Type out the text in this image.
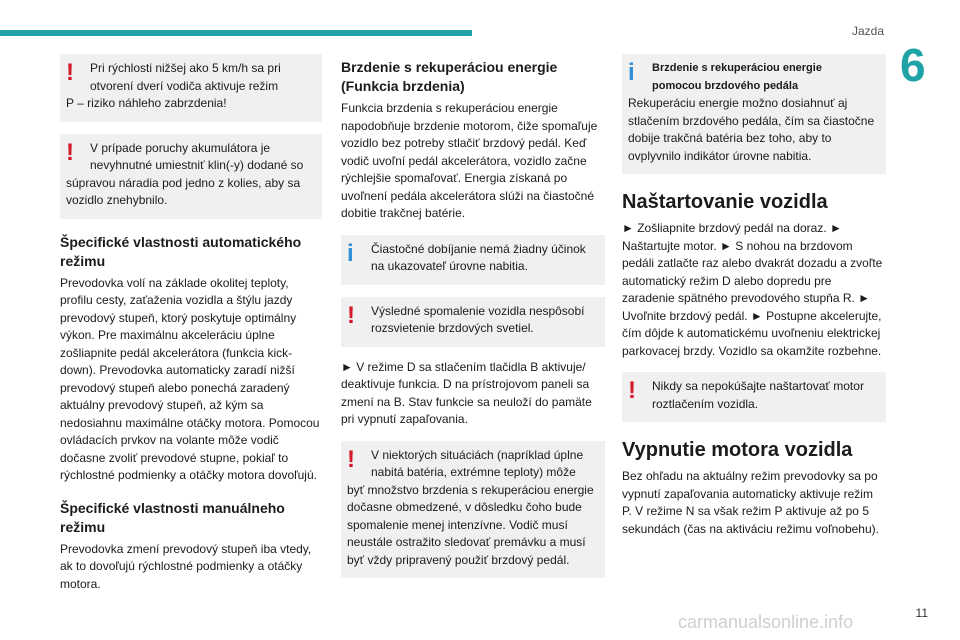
Jazda
6
!	Pri rýchlosti nižšej ako 5 km/h sa pri
otvorení dverí vodiča aktivuje režim
P – riziko náhleho zabrzdenia!
!	V prípade poruchy akumulátora je
nevyhnutné umiestniť klin(-y) dodané so
súpravou náradia pod jedno z kolies, aby sa
vozidlo znehybnilo.
Špecifické vlastnosti automatického režimu

Prevodovka volí na základe okolitej teploty, profilu cesty, zaťaženia vozidla a štýlu jazdy prevodový stupeň, ktorý poskytuje optimálny výkon. Pre maximálnu akceleráciu úplne zošliapnite pedál akcelerátora (funkcia kick-down). Prevodovka automaticky zaradí nižší prevodový stupeň alebo ponechá zaradený aktuálny prevodový stupeň, až kým sa nedosiahnu maximálne otáčky motora. Pomocou ovládacích prvkov na volante môže vodič dočasne zvoliť prevodové stupne, pokiaľ to rýchlostné podmienky a otáčky motora dovoľujú.

Špecifické vlastnosti manuálneho režimu

Prevodovka zmení prevodový stupeň iba vtedy, ak to dovoľujú rýchlostné podmienky a otáčky motora.

Brzdenie s rekuperáciou energie (Funkcia brzdenia)

Funkcia brzdenia s rekuperáciou energie napodobňuje brzdenie motorom, čiže spomaľuje vozidlo bez potreby stlačiť brzdový pedál. Keď vodič uvoľní pedál akcelerátora, vozidlo začne rýchlejšie spomaľovať. Energia získaná po uvoľnení pedála akcelerátora slúži na čiastočné dobitie trakčnej batérie.

i	Čiastočné dobíjanie nemá žiadny účinok
na ukazovateľ úrovne nabitia.
!	Výsledné spomalenie vozidla nespôsobí
rozsvietenie brzdových svetiel.

► V režime D sa stlačením tlačidla B aktivuje/ deaktivuje funkcia. D na prístrojovom paneli sa zmení na B. Stav funkcie sa neuloží do pamäte pri vypnutí zapaľovania.

!	V niektorých situáciách (napríklad úplne
nabitá batéria, extrémne teploty) môže
byť množstvo brzdenia s rekuperáciou energie dočasne obmedzené, v dôsledku čoho bude spomalenie menej intenzívne. Vodič musí neustále ostražito sledovať premávku a musí byť vždy pripravený použiť brzdový pedál.
i	Brzdenie s rekuperáciou energie
pomocou brzdového pedála
Rekuperáciu energie možno dosiahnuť aj stlačením brzdového pedála, čím sa čiastočne dobije trakčná batéria bez toho, aby to ovplyvnilo indikátor úrovne nabitia.
Naštartovanie vozidla

► Zošliapnite brzdový pedál na doraz. ► Naštartujte motor. ► S nohou na brzdovom pedáli zatlačte raz alebo dvakrát dozadu a zvoľte automatický režim D alebo dopredu pre zaradenie spätného prevodového stupňa R. ► Uvoľnite brzdový pedál. ► Postupne akcelerujte, čím dôjde k automatickému uvoľneniu elektrickej parkovacej brzdy. Vozidlo sa okamžite rozbehne.

!	Nikdy sa nepokúšajte naštartovať motor
roztlačením vozidla.
Vypnutie motora vozidla

Bez ohľadu na aktuálny režim prevodovky sa po vypnutí zapaľovania automaticky aktivuje režim P. V režime N sa však režim P aktivuje až po 5 sekundách (čas na aktiváciu režimu voľnobehu).

11
carmanualsonline.info
